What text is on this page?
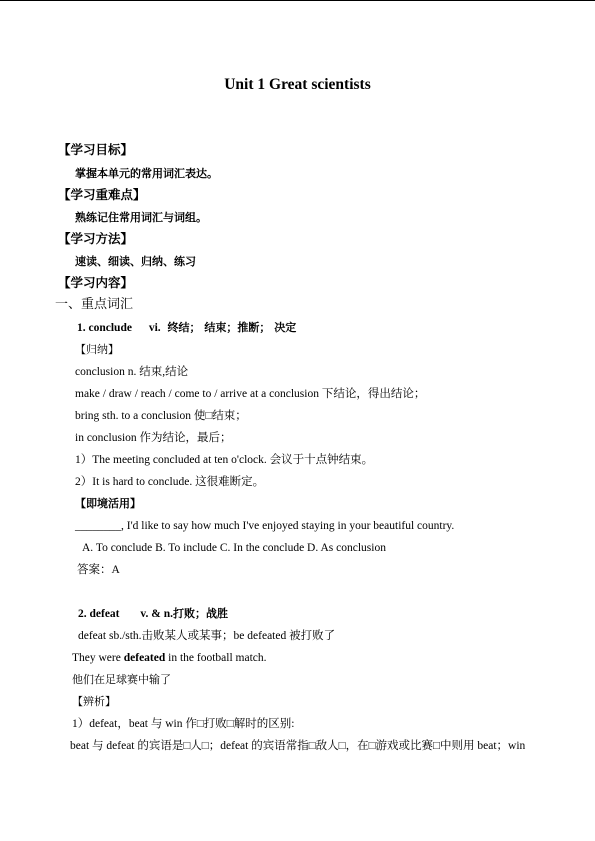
Unit 1 Great scientists
【学习目标】
掌握本单元的常用词汇表达。
【学习重难点】
熟练记住常用词汇与词组。
【学习方法】
速读、细读、归纳、练习
【学习内容】
一、重点词汇
1. conclude vi. 终结； 结束；推断； 决定
【归纳】
conclusion n. 结束,结论
make / draw / reach / come to / arrive at a conclusion 下结论，得出结论；
bring sth. to a conclusion 使□结束；
in conclusion 作为结论，最后；
1）The meeting concluded at ten o'clock. 会议于十点钟结束。
2）It is hard to conclude. 这很难断定。
【即境活用】
________, I'd like to say how much I've enjoyed staying in your beautiful country.
A. To conclude B. To include C. In the conclude D. As conclusion
答案：A
2. defeat v. & n.打败；战胜
defeat sb./sth.击败某人或某事；be defeated 被打败了
They were defeated in the football match.
他们在足球赛中输了
【辨析】
1）defeat，beat 与 win 作□打败□解时的区别:
beat 与 defeat 的宾语是□人□；defeat 的宾语常指□敌人□，在□游戏或比赛□中则用 beat；win
